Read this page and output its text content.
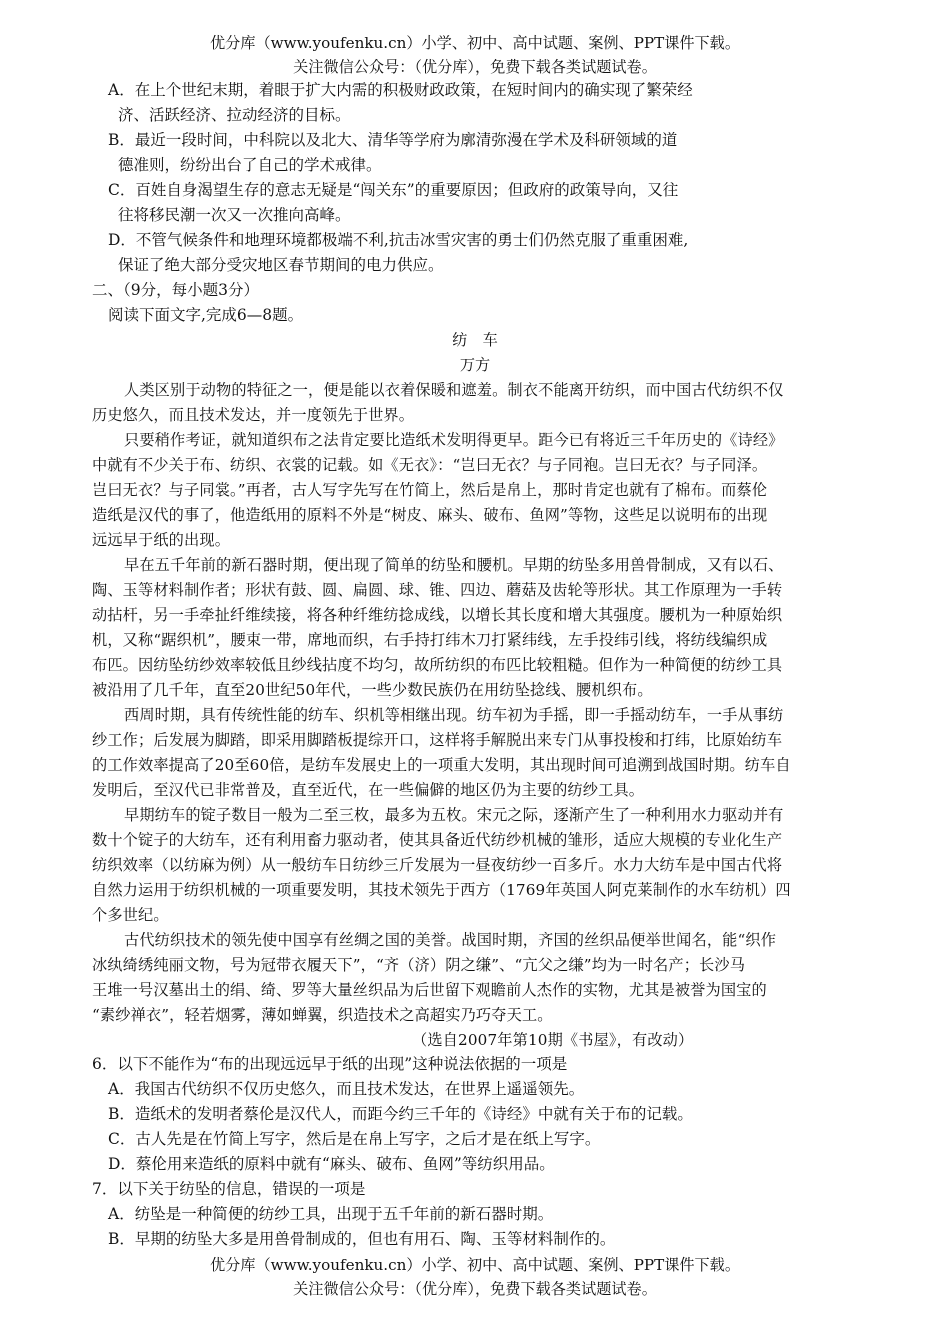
优分库（www.youfenku.cn）小学、初中、高中试题、案例、PPT课件下载。
关注微信公众号：（优分库），免费下载各类试题试卷。
A．在上个世纪末期，着眼于扩大内需的积极财政政策，在短时间内的确实现了繁荣经
济、活跃经济、拉动经济的目标。
B．最近一段时间，中科院以及北大、清华等学府为廓清弥漫在学术及科研领域的道
德准则，纷纷出台了自己的学术戒律。
C．百姓自身渴望生存的意志无疑是“闯关东”的重要原因；但政府的政策导向，又往
往将移民潮一次又一次推向高峰。
D．不管气候条件和地理环境都极端不利,抗击冰雪灾害的勇士们仍然克服了重重困难,
保证了绝大部分受灾地区春节期间的电力供应。
二、（9分，每小题3分）
阅读下面文字,完成6—8题。
纺　车
万方
人类区别于动物的特征之一，便是能以衣着保暖和遮羞。制衣不能离开纺织，而中国古代纺织不仅
历史悠久，而且技术发达，并一度领先于世界。
只要稍作考证，就知道织布之法肯定要比造纸术发明得更早。距今已有将近三千年历史的《诗经》
中就有不少关于布、纺织、衣裳的记载。如《无衣》：“岂曰无衣？与子同袍。岂曰无衣？与子同泽。
岂曰无衣？与子同裳。”再者，古人写字先写在竹简上，然后是帛上，那时肯定也就有了棉布。而蔡伦
造纸是汉代的事了，他造纸用的原料不外是“树皮、麻头、破布、鱼网”等物，这些足以说明布的出现
远远早于纸的出现。
早在五千年前的新石器时期，便出现了简单的纺坠和腰机。早期的纺坠多用兽骨制成，又有以石、
陶、玉等材料制作者；形状有鼓、圆、扁圆、球、锥、四边、蘑菇及齿轮等形状。其工作原理为一手转
动拈杆，另一手牵扯纤维续接，将各种纤维纺捻成线，以增长其长度和增大其强度。腰机为一种原始织
机，又称“踞织机”，腰束一带，席地而织，右手持打纬木刀打紧纬线，左手投纬引线，将纺线编织成
布匹。因纺坠纺纱效率较低且纱线拈度不均匀，故所纺织的布匹比较粗糙。但作为一种简便的纺纱工具
被沿用了几千年，直至20世纪50年代，一些少数民族仍在用纺坠捻线、腰机织布。
西周时期，具有传统性能的纺车、织机等相继出现。纺车初为手摇，即一手摇动纺车，一手从事纺
纱工作；后发展为脚踏，即采用脚踏板提综开口，这样将手解脱出来专门从事投梭和打纬，比原始纺车
的工作效率提高了20至60倍，是纺车发展史上的一项重大发明，其出现时间可追溯到战国时期。纺车自
发明后，至汉代已非常普及，直至近代，在一些偏僻的地区仍为主要的纺纱工具。
早期纺车的锭子数目一般为二至三枚，最多为五枚。宋元之际，逐渐产生了一种利用水力驱动并有
数十个锭子的大纺车，还有利用畜力驱动者，使其具备近代纺纱机械的雏形，适应大规模的专业化生产
纺织效率（以纺麻为例）从一般纺车日纺纱三斤发展为一昼夜纺纱一百多斤。水力大纺车是中国古代将
自然力运用于纺织机械的一项重要发明，其技术领先于西方（1769年英国人阿克莱制作的水车纺机）四
个多世纪。
古代纺织技术的领先使中国享有丝绸之国的美誉。战国时期，齐国的丝织品便举世闻名，能“织作
冰纨绮绣纯丽文物，号为冠带衣履天下”，“齐（济）阴之缣”、“亢父之缣”均为一时名产；长沙马
王堆一号汉墓出土的绢、绮、罗等大量丝织品为后世留下观瞻前人杰作的实物，尤其是被誉为国宝的
“素纱禅衣”，轻若烟雾，薄如蝉翼，织造技术之高超实乃巧夺天工。
（选自2007年第10期《书屋》，有改动）
6．以下不能作为“布的出现远远早于纸的出现”这种说法依据的一项是
A．我国古代纺织不仅历史悠久，而且技术发达，在世界上遥遥领先。
B．造纸术的发明者蔡伦是汉代人，而距今约三千年的《诗经》中就有关于布的记载。
C．古人先是在竹简上写字，然后是在帛上写字，之后才是在纸上写字。
D．蔡伦用来造纸的原料中就有“麻头、破布、鱼网”等纺织用品。
7．以下关于纺坠的信息，错误的一项是
A．纺坠是一种简便的纺纱工具，出现于五千年前的新石器时期。
B．早期的纺坠大多是用兽骨制成的，但也有用石、陶、玉等材料制作的。
优分库（www.youfenku.cn）小学、初中、高中试题、案例、PPT课件下载。
关注微信公众号：（优分库），免费下载各类试题试卷。
